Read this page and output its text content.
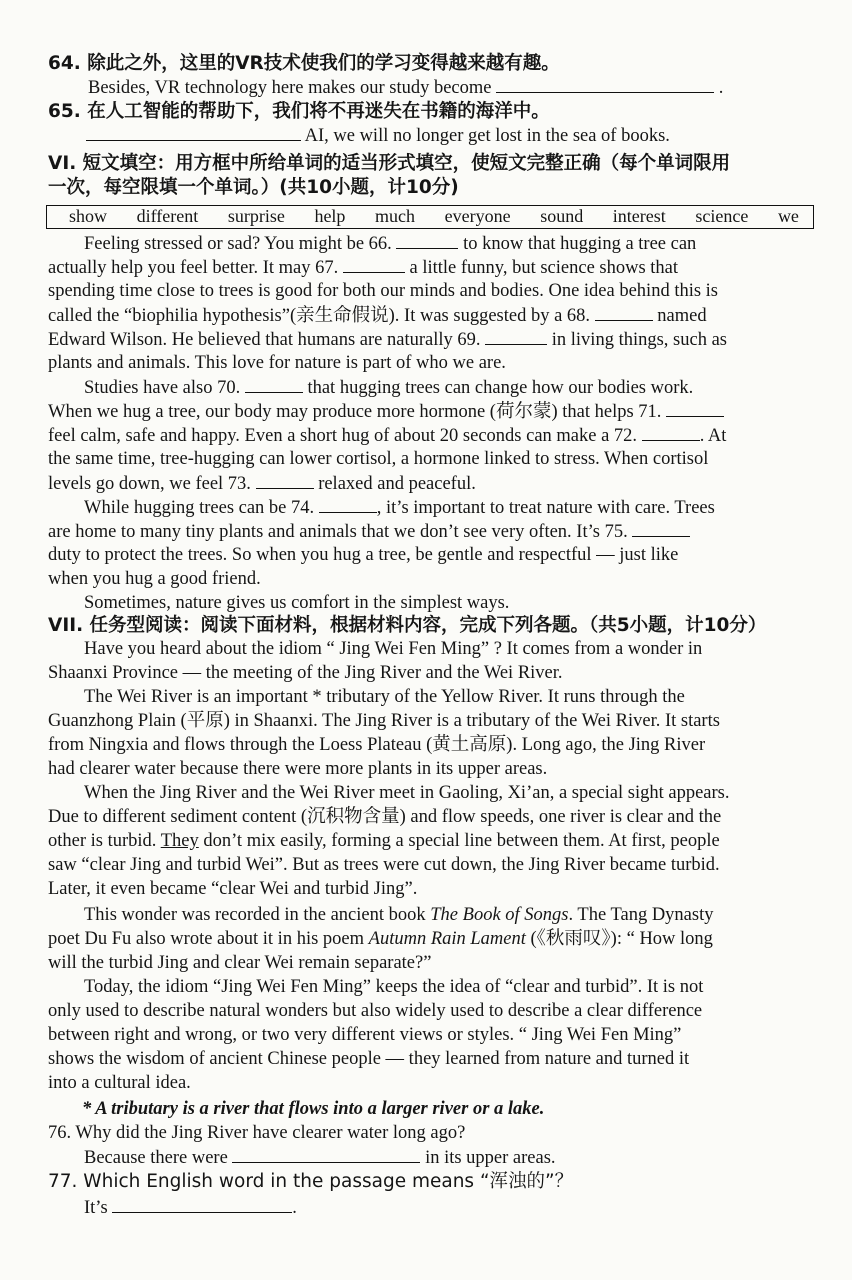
64. 除此之外，这里的VR技术使我们的学习变得越来越有趣。
Besides, VR technology here makes our study become	.
65. 在人工智能的帮助下，我们将不再迷失在书籍的海洋中。
AI, we will no longer get lost in the sea of books.
VI. 短文填空：用方框中所给单词的适当形式填空，使短文完整正确（每个单词限用
一次，每空限填一个单词。）(共10小题，计10分)
show different surprise help much everyone sound interest science we
Feeling stressed or sad? You might be 66.	to know that hugging a tree can
actually help you feel better. It may 67.	a little funny, but science shows that
spending time close to trees is good for both our minds and bodies. One idea behind this is
called the “biophilia hypothesis”(亲生命假说). It was suggested by a 68.	named
Edward Wilson. He believed that humans are naturally 69.	in living things, such as
plants and animals. This love for nature is part of who we are.
Studies have also 70.	that hugging trees can change how our bodies work.
When we hug a tree, our body may produce more hormone (荷尔蒙) that helps 71.
feel calm, safe and happy. Even a short hug of about 20 seconds can make a 72.	. At
the same time, tree-hugging can lower cortisol, a hormone linked to stress. When cortisol
levels go down, we feel 73.	relaxed and peaceful.
While hugging trees can be 74.	, it’s important to treat nature with care. Trees
are home to many tiny plants and animals that we don’t see very often. It’s 75.
duty to protect the trees. So when you hug a tree, be gentle and respectful — just like
when you hug a good friend.
Sometimes, nature gives us comfort in the simplest ways.
VII. 任务型阅读：阅读下面材料，根据材料内容，完成下列各题。（共5小题，计10分）
Have you heard about the idiom “ Jing Wei Fen Ming” ? It comes from a wonder in
Shaanxi Province — the meeting of the Jing River and the Wei River.
The Wei River is an important * tributary of the Yellow River. It runs through the
Guanzhong Plain (平原) in Shaanxi. The Jing River is a tributary of the Wei River. It starts
from Ningxia and flows through the Loess Plateau (黄土高原). Long ago, the Jing River
had clearer water because there were more plants in its upper areas.
When the Jing River and the Wei River meet in Gaoling, Xi’an, a special sight appears.
Due to different sediment content (沉积物含量) and flow speeds, one river is clear and the
other is turbid. They don’t mix easily, forming a special line between them. At first, people
saw “clear Jing and turbid Wei”. But as trees were cut down, the Jing River became turbid.
Later, it even became “clear Wei and turbid Jing”.
This wonder was recorded in the ancient book The Book of Songs. The Tang Dynasty
poet Du Fu also wrote about it in his poem Autumn Rain Lament (《秋雨叹》): “ How long
will the turbid Jing and clear Wei remain separate?”
Today, the idiom “Jing Wei Fen Ming” keeps the idea of “clear and turbid”. It is not
only used to describe natural wonders but also widely used to describe a clear difference
between right and wrong, or two very different views or styles. “ Jing Wei Fen Ming”
shows the wisdom of ancient Chinese people — they learned from nature and turned it
into a cultural idea.
* A tributary is a river that flows into a larger river or a lake.
76. Why did the Jing River have clearer water long ago?
Because there were	in its upper areas.
77. Which English word in the passage means “浑浊的”？
It’s	.
